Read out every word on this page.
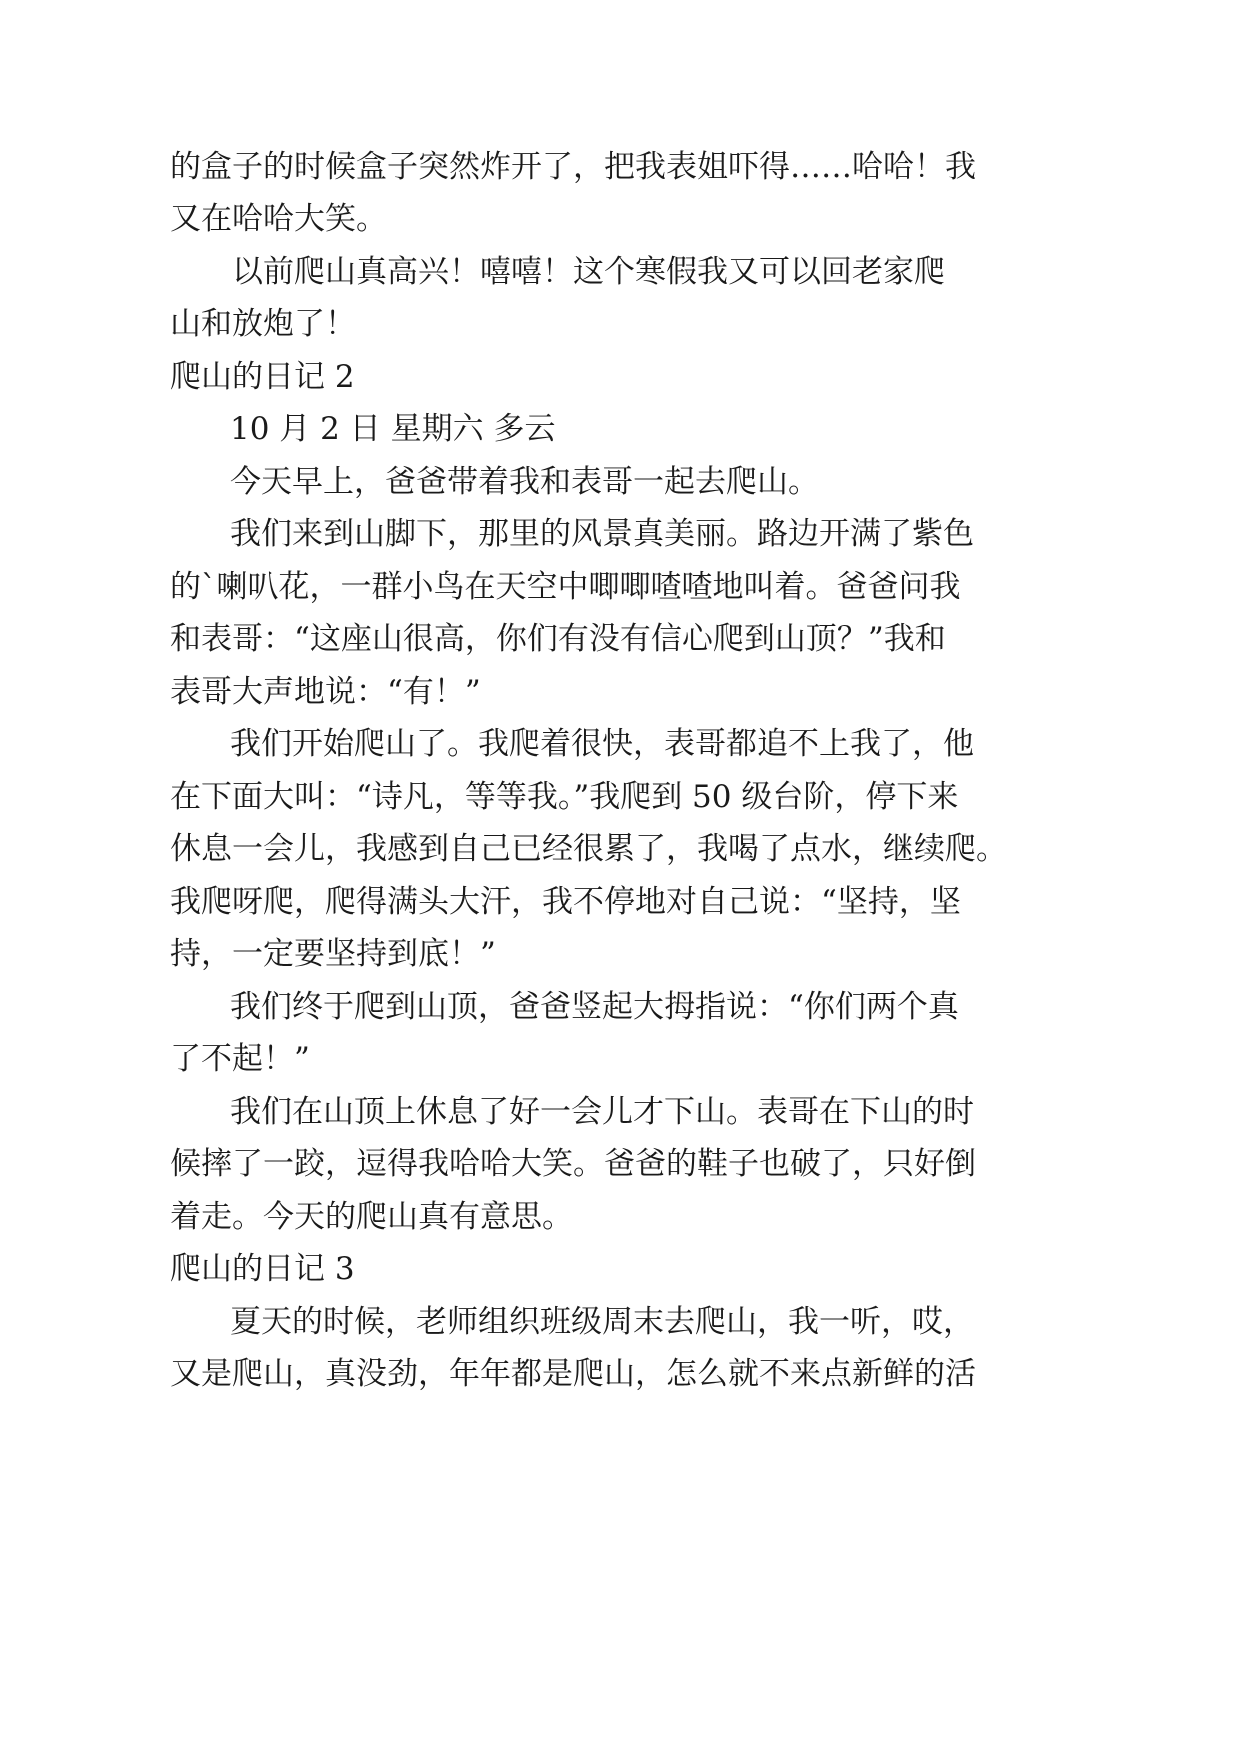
的盒子的时候盒子突然炸开了，把我表姐吓得……哈哈！我
又在哈哈大笑。
以前爬山真高兴！嘻嘻！这个寒假我又可以回老家爬
山和放炮了！
爬山的日记 2
10 月 2 日 星期六 多云
今天早上，爸爸带着我和表哥一起去爬山。
我们来到山脚下，那里的风景真美丽。路边开满了紫色
的`喇叭花，一群小鸟在天空中唧唧喳喳地叫着。爸爸问我
和表哥：“这座山很高，你们有没有信心爬到山顶？”我和
表哥大声地说：“有！”
我们开始爬山了。我爬着很快，表哥都追不上我了，他
在下面大叫：“诗凡，等等我。”我爬到 50 级台阶，停下来
休息一会儿，我感到自己已经很累了，我喝了点水，继续爬。
我爬呀爬，爬得满头大汗，我不停地对自己说：“坚持，坚
持，一定要坚持到底！”
我们终于爬到山顶，爸爸竖起大拇指说：“你们两个真
了不起！”
我们在山顶上休息了好一会儿才下山。表哥在下山的时
候摔了一跤，逗得我哈哈大笑。爸爸的鞋子也破了，只好倒
着走。今天的爬山真有意思。
爬山的日记 3
夏天的时候，老师组织班级周末去爬山，我一听，哎，
又是爬山，真没劲，年年都是爬山，怎么就不来点新鲜的活
